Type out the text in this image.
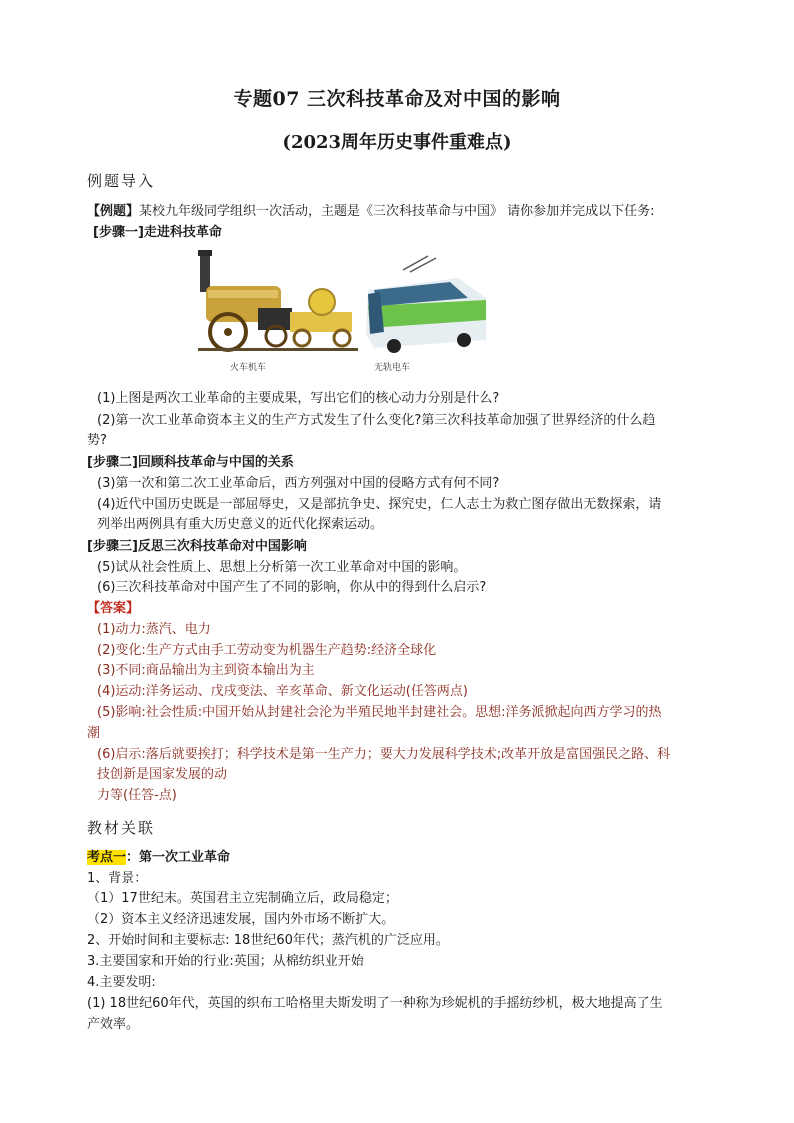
专题07 三次科技革命及对中国的影响
(2023周年历史事件重难点)
例题导入
【例题】某校九年级同学组织一次活动，主题是《三次科技革命与中国》 请你参加并完成以下任务:
[步骤一]走进科技革命
火车机车	无轨电车
(1)上图是两次工业革命的主要成果，写出它们的核心动力分别是什么?
(2)第一次工业革命资本主义的生产方式发生了什么变化?第三次科技革命加强了世界经济的什么趋
势?
[步骤二]回顾科技革命与中国的关系
(3)第一次和第二次工业革命后，西方列强对中国的侵略方式有何不同?
(4)近代中国历史既是一部屈辱史，又是部抗争史、探究史，仁人志士为救亡图存做出无数探索，请
列举出两例具有重大历史意义的近代化探索运动。
[步骤三]反思三次科技革命对中国影响
(5)试从社会性质上、思想上分析第一次工业革命对中国的影响。
(6)三次科技革命对中国产生了不同的影响，你从中的得到什么启示?
【答案】
(1)动力:蒸汽、电力
(2)变化:生产方式由手工劳动变为机器生产趋势:经济全球化
(3)不同:商品输出为主到资本输出为主
(4)运动:洋务运动、戊戌变法、辛亥革命、新文化运动(任答两点)
(5)影响:社会性质:中国开始从封建社会沦为半殖民地半封建社会。思想:洋务派掀起向西方学习的热
潮
(6)启示:落后就要挨打；科学技术是第一生产力；要大力发展科学技术;改革开放是富国强民之路、科
技创新是国家发展的动
力等(任答-点)
教材关联
考点一：第一次工业革命
1、背景：
（1）17世纪末。英国君主立宪制确立后，政局稳定；
（2）资本主义经济迅速发展，国内外市场不断扩大。
2、开始时间和主要标志: 18世纪60年代；蒸汽机的广泛应用。
3.主要国家和开始的行业:英国；从棉纺织业开始
4.主要发明:
(1) 18世纪60年代，英国的织布工哈格里夫斯发明了一种称为珍妮机的手摇纺纱机，极大地提高了生
产效率。
